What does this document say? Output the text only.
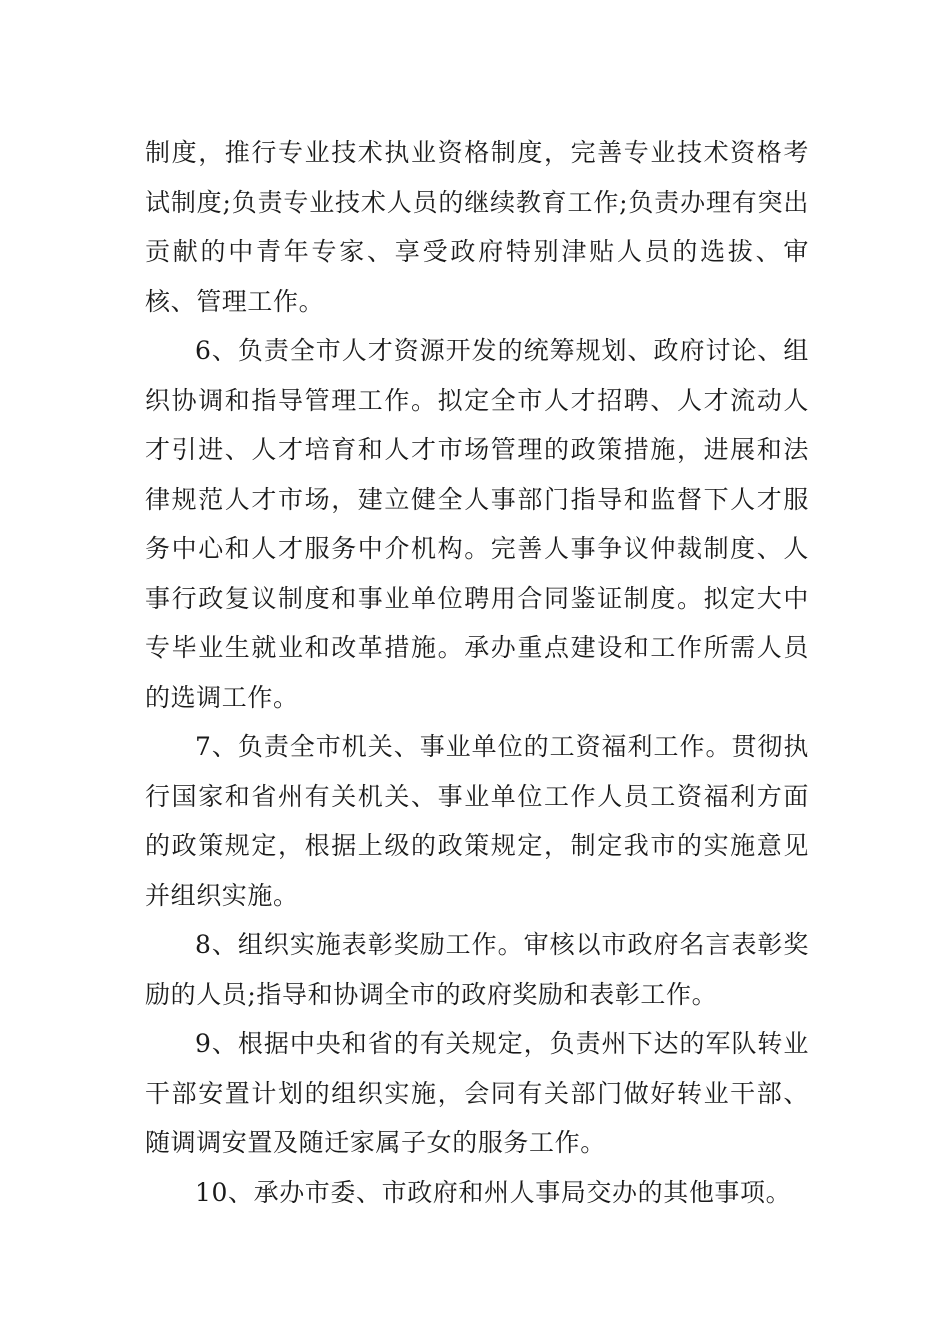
制度，推行专业技术执业资格制度，完善专业技术资格考试制度;负责专业技术人员的继续教育工作;负责办理有突出贡献的中青年专家、享受政府特别津贴人员的选拔、审核、管理工作。

6、负责全市人才资源开发的统筹规划、政府讨论、组织协调和指导管理工作。拟定全市人才招聘、人才流动人才引进、人才培育和人才市场管理的政策措施，进展和法律规范人才市场，建立健全人事部门指导和监督下人才服务中心和人才服务中介机构。完善人事争议仲裁制度、人事行政复议制度和事业单位聘用合同鉴证制度。拟定大中专毕业生就业和改革措施。承办重点建设和工作所需人员的选调工作。

7、负责全市机关、事业单位的工资福利工作。贯彻执行国家和省州有关机关、事业单位工作人员工资福利方面的政策规定，根据上级的政策规定，制定我市的实施意见并组织实施。

8、组织实施表彰奖励工作。审核以市政府名言表彰奖励的人员;指导和协调全市的政府奖励和表彰工作。

9、根据中央和省的有关规定，负责州下达的军队转业干部安置计划的组织实施，会同有关部门做好转业干部、随调调安置及随迁家属子女的服务工作。

10、承办市委、市政府和州人事局交办的其他事项。
